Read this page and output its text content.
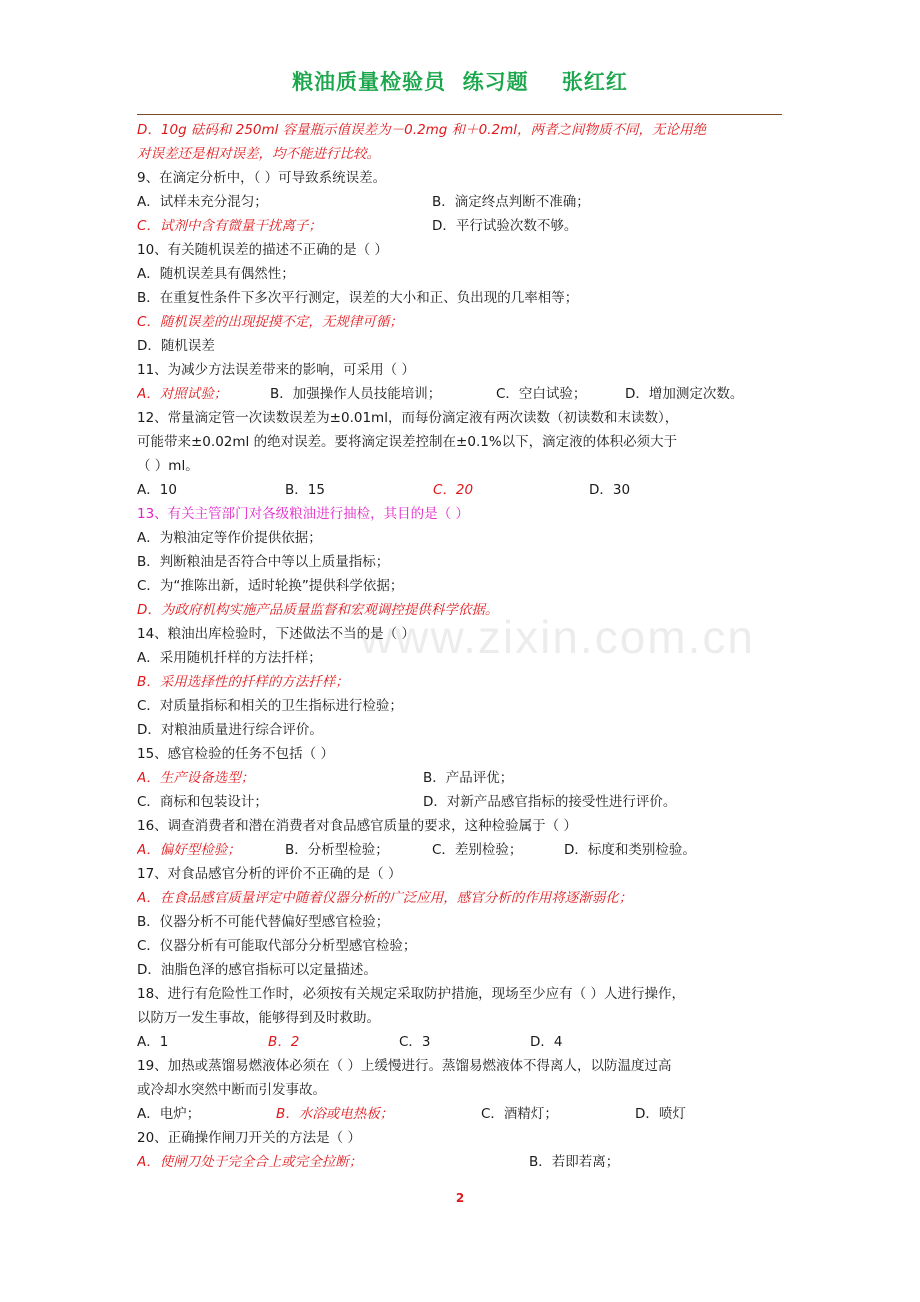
粮油质量检验员  练习题    张红红
www.zixin.com.cn
D．10g 砝码和 250ml 容量瓶示值误差为－0.2mg 和＋0.2ml，两者之间物质不同，无论用绝
对误差还是相对误差，均不能进行比较。
9、在滴定分析中，（ ）可导致系统误差。
A．试样未充分混匀；	B．滴定终点判断不准确；
C．试剂中含有微量干扰离子；	D．平行试验次数不够。
10、有关随机误差的描述不正确的是（ ）
A．随机误差具有偶然性；
B．在重复性条件下多次平行测定，误差的大小和正、负出现的几率相等；
C．随机误差的出现捉摸不定，无规律可循；
D．随机误差
11、为减少方法误差带来的影响，可采用（ ）
A．对照试验；	B．加强操作人员技能培训；	C．空白试验；	D．增加测定次数。
12、常量滴定管一次读数误差为±0.01ml，而每份滴定液有两次读数（初读数和末读数），
可能带来±0.02ml 的绝对误差。要将滴定误差控制在±0.1%以下，滴定液的体积必须大于
（ ）ml。
A．10	B．15	C．20	D．30
13、有关主管部门对各级粮油进行抽检，其目的是（ ）
A．为粮油定等作价提供依据；
B．判断粮油是否符合中等以上质量指标；
C．为“推陈出新，适时轮换”提供科学依据；
D．为政府机构实施产品质量监督和宏观调控提供科学依据。
14、粮油出库检验时，下述做法不当的是（ ）
A．采用随机扦样的方法扦样；
B．采用选择性的扦样的方法扦样；
C．对质量指标和相关的卫生指标进行检验；
D．对粮油质量进行综合评价。
15、感官检验的任务不包括（ ）
A．生产设备选型；	B．产品评优；
C．商标和包装设计；	D．对新产品感官指标的接受性进行评价。
16、调查消费者和潜在消费者对食品感官质量的要求，这种检验属于（ ）
A．偏好型检验；	B．分析型检验；	C．差别检验；	D．标度和类别检验。
17、对食品感官分析的评价不正确的是（ ）
A．在食品感官质量评定中随着仪器分析的广泛应用，感官分析的作用将逐渐弱化；
B．仪器分析不可能代替偏好型感官检验；
C．仪器分析有可能取代部分分析型感官检验；
D．油脂色泽的感官指标可以定量描述。
18、进行有危险性工作时，必须按有关规定采取防护措施，现场至少应有（ ）人进行操作，
以防万一发生事故，能够得到及时救助。
A．1	B．2	C．3	D．4
19、加热或蒸馏易燃液体必须在（ ）上缓慢进行。蒸馏易燃液体不得离人，以防温度过高
或冷却水突然中断而引发事故。
A．电炉；	B．水浴或电热板；	C．酒精灯；	D．喷灯
20、正确操作闸刀开关的方法是（ ）
A．使闸刀处于完全合上或完全拉断；	B．若即若离；
2
